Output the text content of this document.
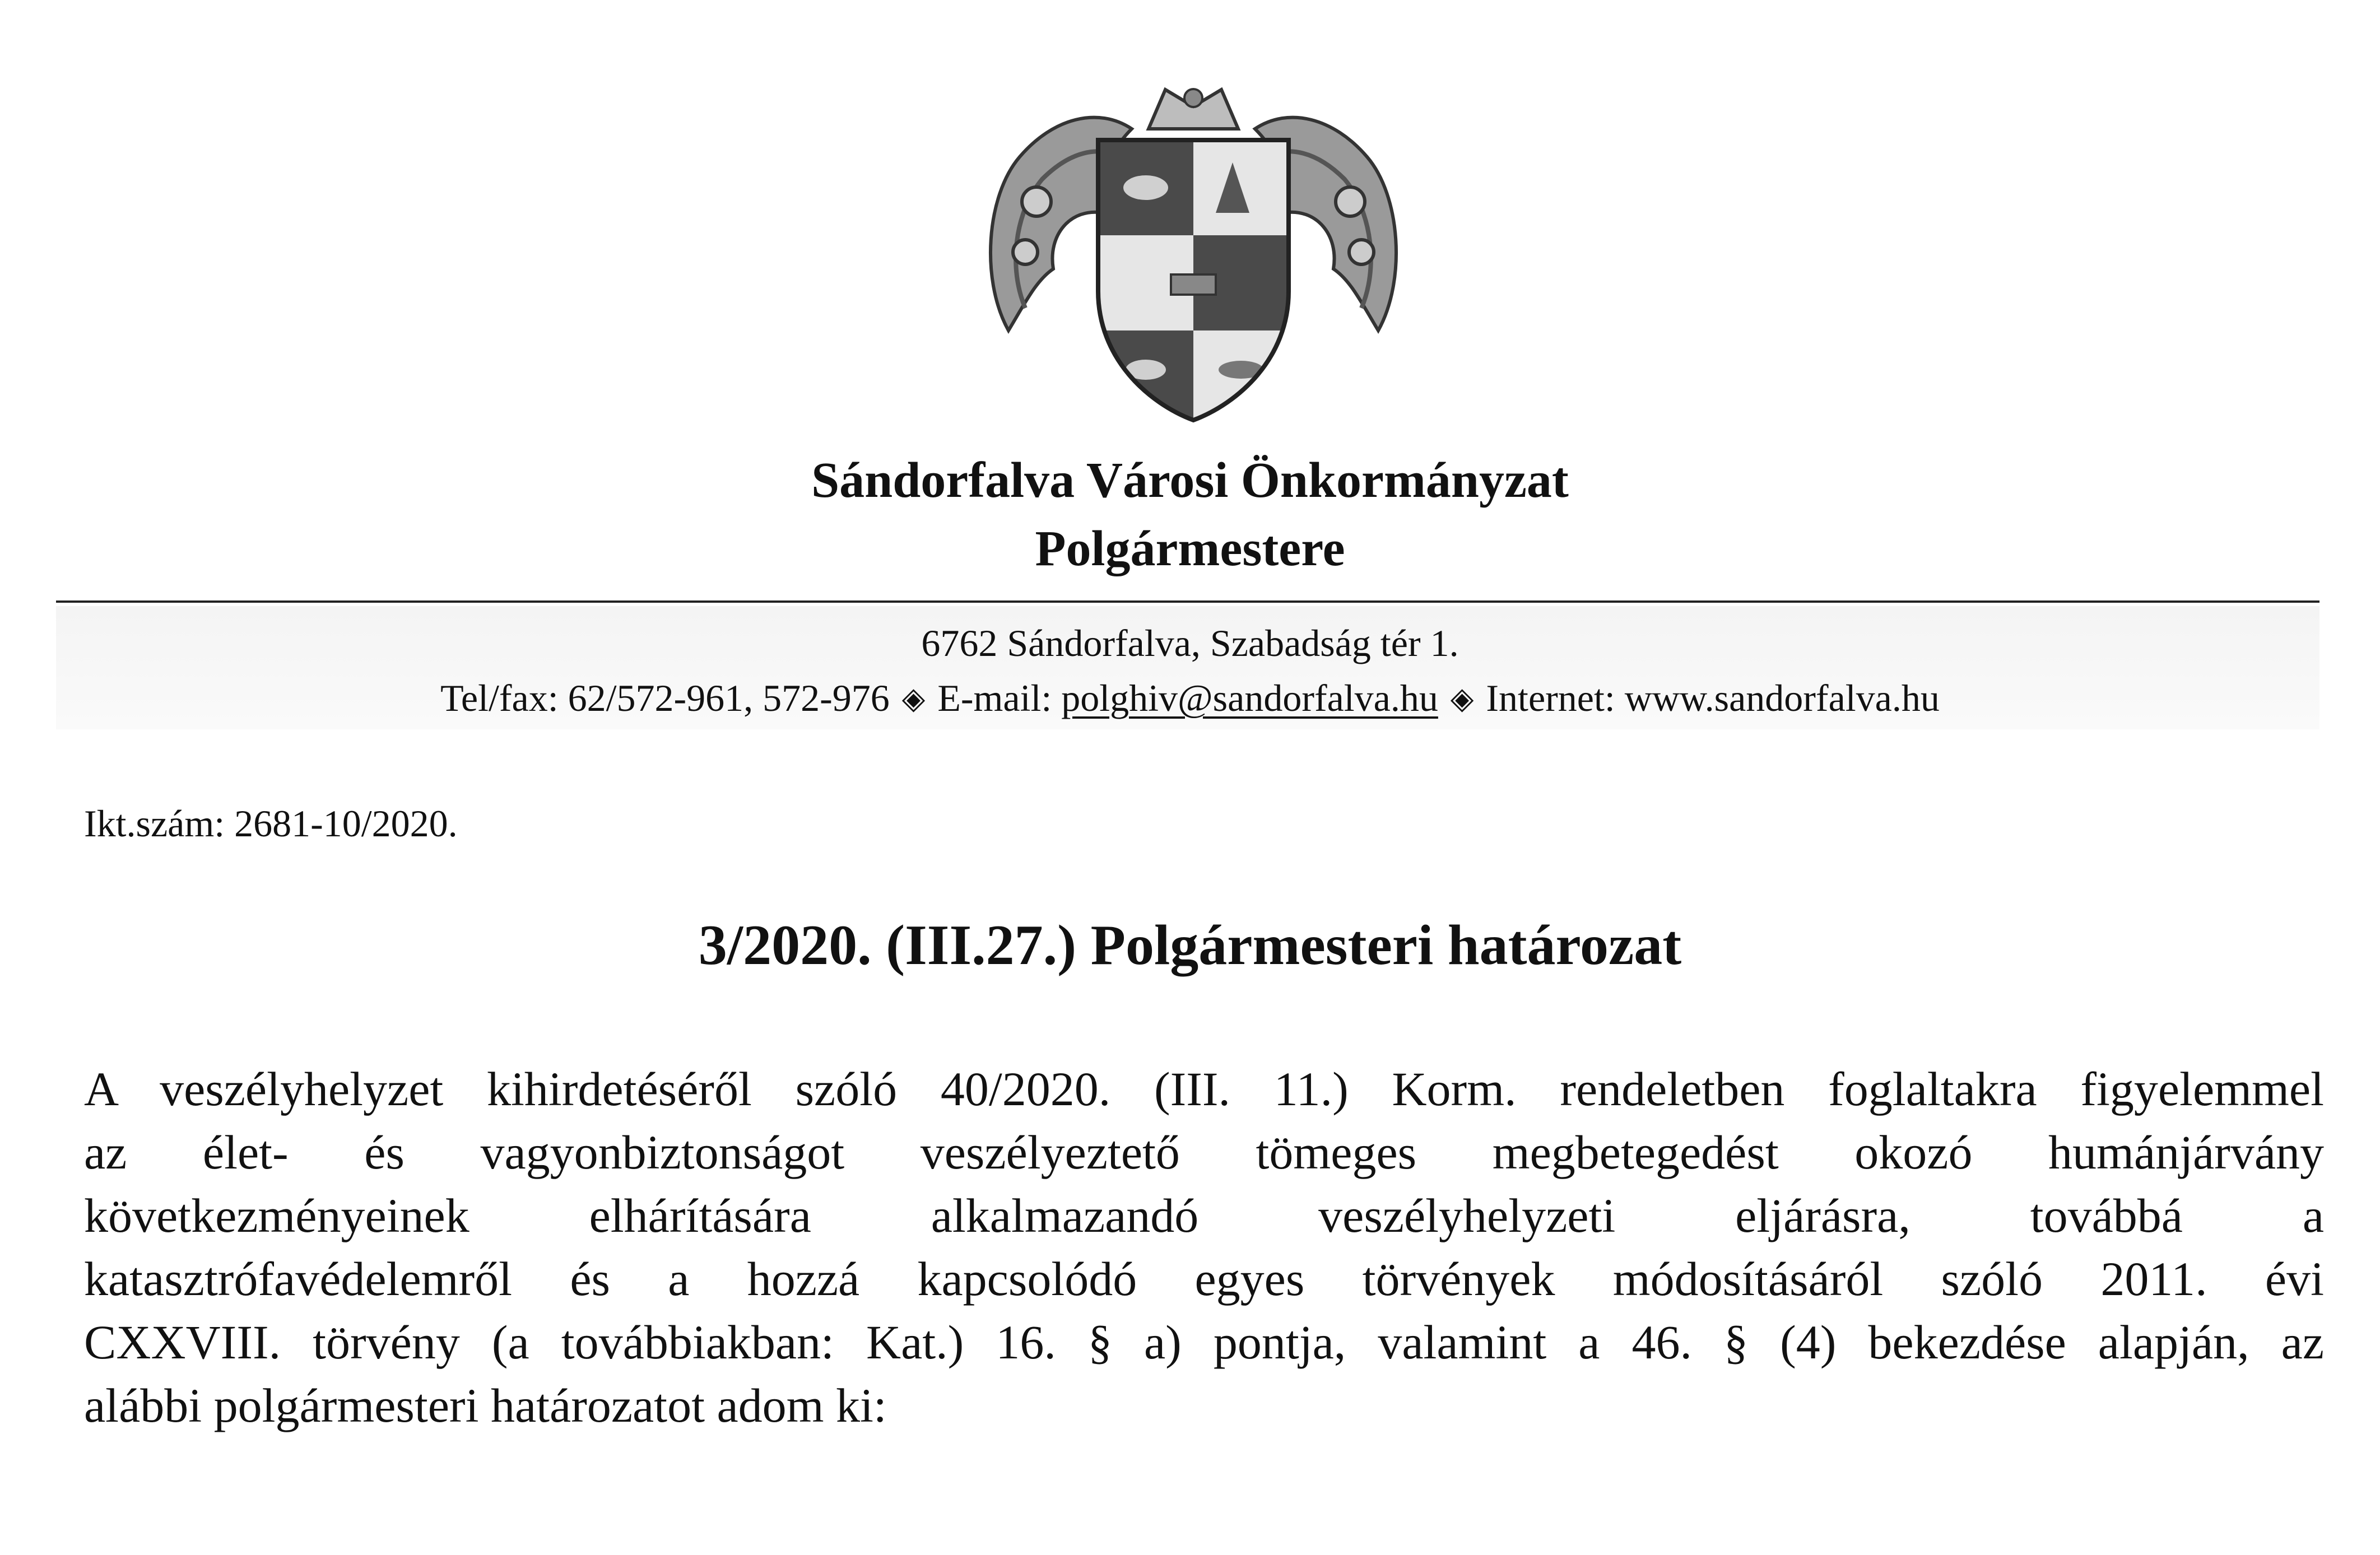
Sándorfalva Városi Önkormányzat
Polgármestere
6762 Sándorfalva, Szabadság tér 1.
Tel/fax: 62/572-961, 572-976 ◈ E-mail: polghiv@sandorfalva.hu ◈ Internet: www.sandorfalva.hu
Ikt.szám: 2681-10/2020.
3/2020. (III.27.) Polgármesteri határozat

A veszélyhelyzet kihirdetéséről szóló 40/2020. (III. 11.) Korm. rendeletben foglaltakra figyelemmel

az élet- és vagyonbiztonságot veszélyeztető tömeges megbetegedést okozó humánjárvány

következményeinek elhárítására alkalmazandó veszélyhelyzeti eljárásra, továbbá a

katasztrófavédelemről és a hozzá kapcsolódó egyes törvények módosításáról szóló 2011. évi

CXXVIII. törvény (a továbbiakban: Kat.) 16. § a) pontja, valamint a 46. § (4) bekezdése alapján, az

alábbi polgármesteri határozatot adom ki:
